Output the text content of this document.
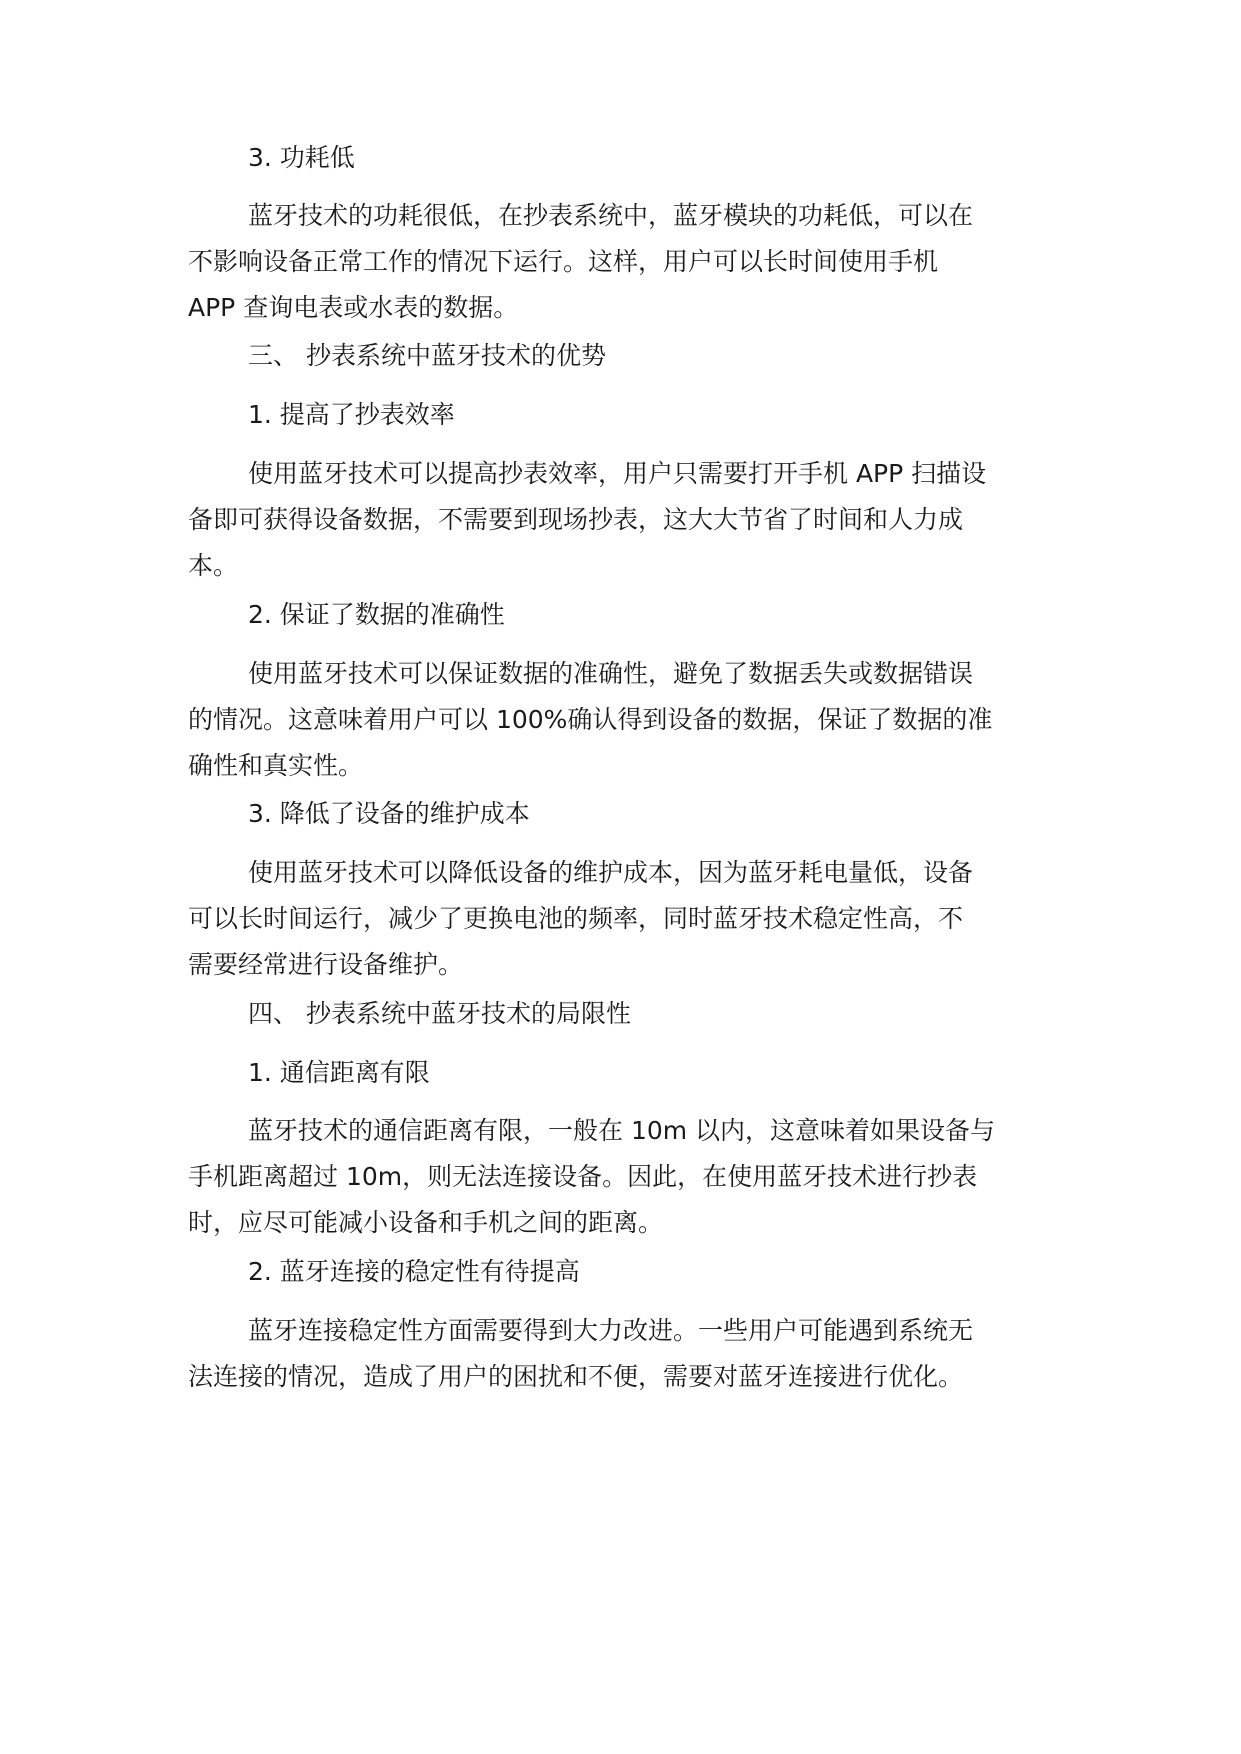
3. 功耗低

蓝牙技术的功耗很低，在抄表系统中，蓝牙模块的功耗低，可以在
不影响设备正常工作的情况下运行。这样，用户可以长时间使用手机
APP 查询电表或水表的数据。

三、 抄表系统中蓝牙技术的优势

1. 提高了抄表效率

使用蓝牙技术可以提高抄表效率，用户只需要打开手机 APP 扫描设
备即可获得设备数据，不需要到现场抄表，这大大节省了时间和人力成
本。

2. 保证了数据的准确性

使用蓝牙技术可以保证数据的准确性，避免了数据丢失或数据错误
的情况。这意味着用户可以 100%确认得到设备的数据，保证了数据的准
确性和真实性。

3. 降低了设备的维护成本

使用蓝牙技术可以降低设备的维护成本，因为蓝牙耗电量低，设备
可以长时间运行，减少了更换电池的频率，同时蓝牙技术稳定性高，不
需要经常进行设备维护。

四、 抄表系统中蓝牙技术的局限性

1. 通信距离有限

蓝牙技术的通信距离有限，一般在 10m 以内，这意味着如果设备与
手机距离超过 10m，则无法连接设备。因此，在使用蓝牙技术进行抄表
时，应尽可能减小设备和手机之间的距离。

2. 蓝牙连接的稳定性有待提高

蓝牙连接稳定性方面需要得到大力改进。一些用户可能遇到系统无
法连接的情况，造成了用户的困扰和不便，需要对蓝牙连接进行优化。
